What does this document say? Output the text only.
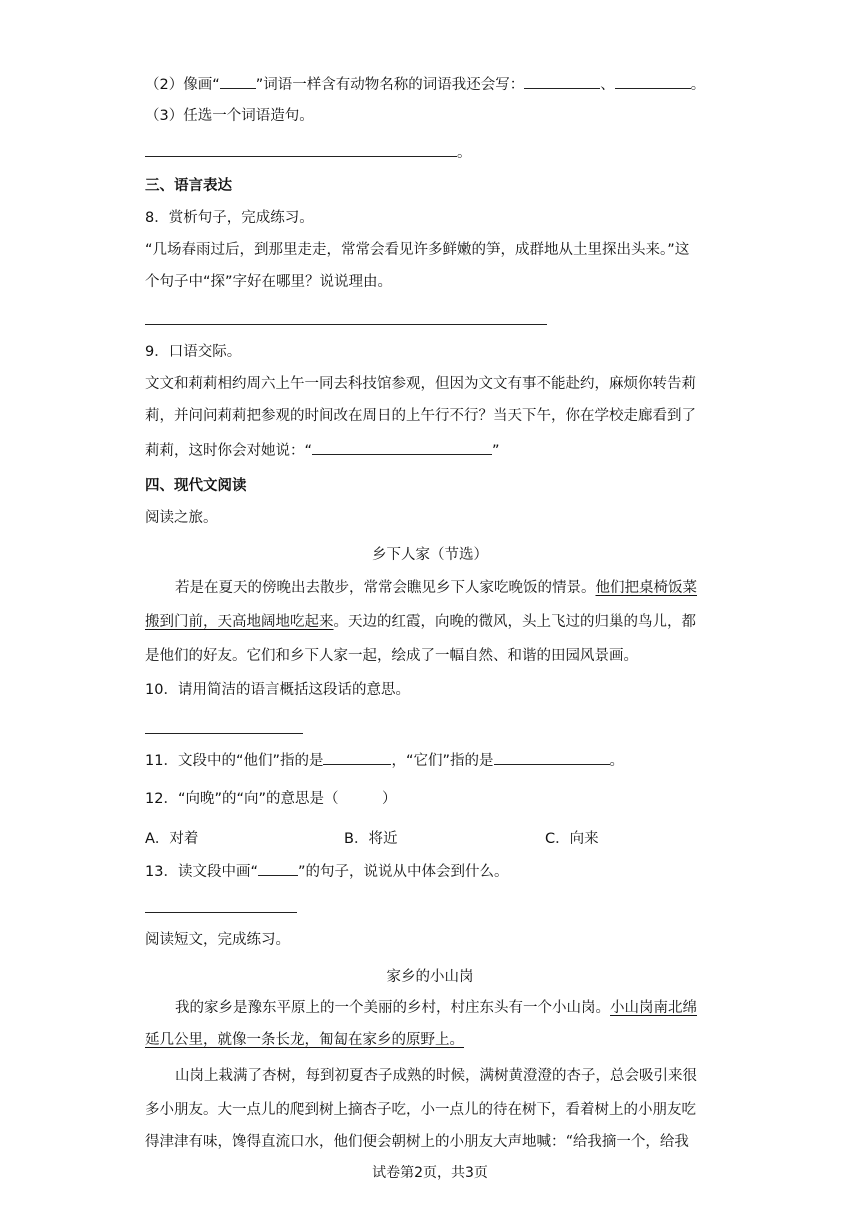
（2）像画“ ”词语一样含有动物名称的词语我还会写：	、	。
（3）任选一个词语造句。
。
三、语言表达
8．赏析句子，完成练习。
“几场春雨过后，到那里走走，常常会看见许多鲜嫩的笋，成群地从土里探出头来。”这
个句子中“探”字好在哪里？说说理由。
9．口语交际。
文文和莉莉相约周六上午一同去科技馆参观，但因为文文有事不能赴约，麻烦你转告莉
莉，并问问莉莉把参观的时间改在周日的上午行不行？当天下午，你在学校走廊看到了
莉莉，这时你会对她说：“	”
四、现代文阅读
阅读之旅。
乡下人家（节选）
若是在夏天的傍晚出去散步，常常会瞧见乡下人家吃晚饭的情景。他们把桌椅饭菜
搬到门前，天高地阔地吃起来。天边的红霞，向晚的微风，头上飞过的归巢的鸟儿，都
是他们的好友。它们和乡下人家一起，绘成了一幅自然、和谐的田园风景画。
10．请用简洁的语言概括这段话的意思。
11．文段中的“他们”指的是	，“它们”指的是	。
12．“向晚”的“向”的意思是（　　　）
A．对着	B．将近	C．向来
13．读文段中画“	”的句子，说说从中体会到什么。
阅读短文，完成练习。
家乡的小山岗
我的家乡是豫东平原上的一个美丽的乡村，村庄东头有一个小山岗。小山岗南北绵
延几公里，就像一条长龙，匍匐在家乡的原野上。
山岗上栽满了杏树，每到初夏杏子成熟的时候，满树黄澄澄的杏子，总会吸引来很
多小朋友。大一点儿的爬到树上摘杏子吃，小一点儿的待在树下，看着树上的小朋友吃
得津津有味，馋得直流口水，他们便会朝树上的小朋友大声地喊：“给我摘一个，给我
试卷第2页，共3页
